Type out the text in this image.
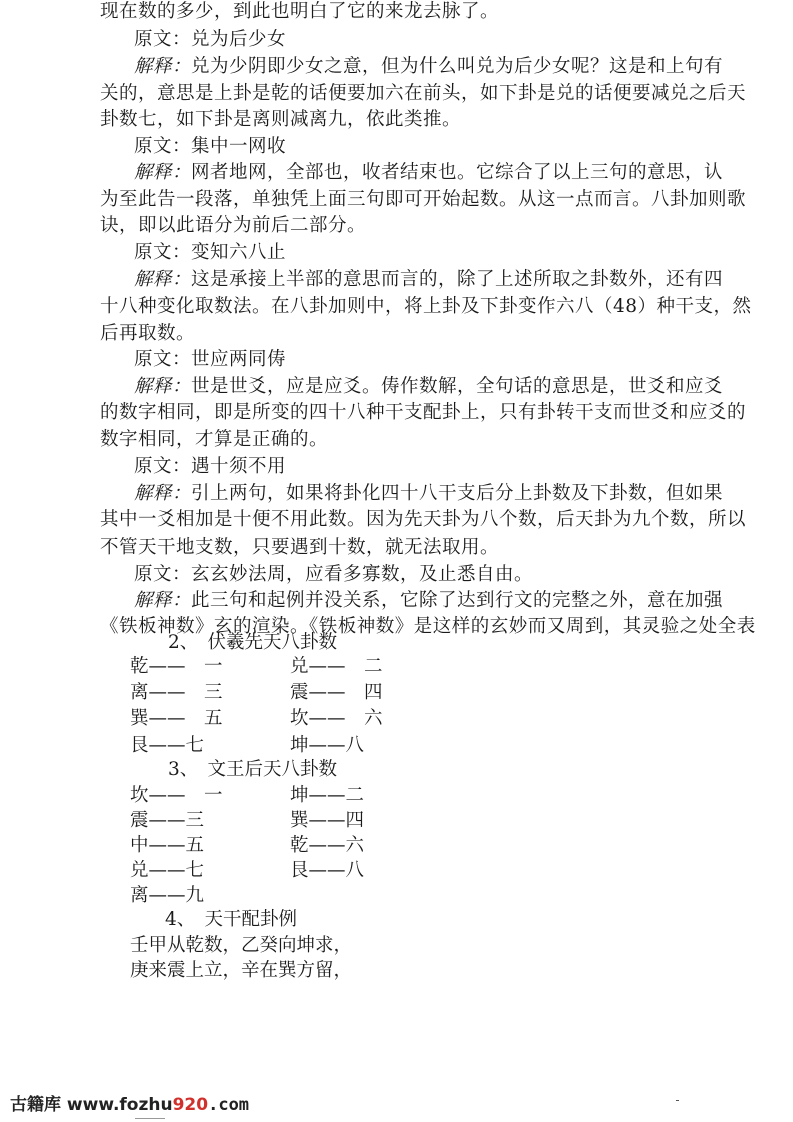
原文：兑为后少女
解释：兑为少阴即少女之意，但为什么叫兑为后少女呢？这是和上句有
关的，意思是上卦是乾的话便要加六在前头，如下卦是兑的话便要减兑之后天
卦数七，如下卦是离则减离九，依此类推。
原文：集中一网收
解释：网者地网，全部也，收者结束也。它综合了以上三句的意思，认
为至此告一段落，单独凭上面三句即可开始起数。从这一点而言。八卦加则歌
诀，即以此语分为前后二部分。
原文：变知六八止
解释：这是承接上半部的意思而言的，除了上述所取之卦数外，还有四
十八种变化取数法。在八卦加则中，将上卦及下卦变作六八（48）种干支，然
后再取数。
原文：世应两同俦
解释：世是世爻，应是应爻。俦作数解，全句话的意思是，世爻和应爻
的数字相同，即是所变的四十八种干支配卦上，只有卦转干支而世爻和应爻的
数字相同，才算是正确的。
原文：遇十须不用
解释：引上两句，如果将卦化四十八干支后分上卦数及下卦数，但如果
其中一爻相加是十便不用此数。因为先天卦为八个数，后天卦为九个数，所以
不管天干地支数，只要遇到十数，就无法取用。
原文：玄玄妙法周，应看多寡数，及止悉自由。
解释：此三句和起例并没关系，它除了达到行文的完整之外，意在加强
《铁板神数》玄的渲染。《铁板神数》是这样的玄妙而又周到，其灵验之处全表
现在数的多少，到此也明白了它的来龙去脉了。
2、　伏羲先天八卦数
乾——　一	兑——　二
离——　三	震——　四
巽——　五	坎——　六
艮——七	坤——八
3、　文王后天八卦数
坎——　一	坤——二
震——三	巽——四
中——五	乾——六
兑——七	艮——八
离——九
4、　天干配卦例
壬甲从乾数，乙癸向坤求，
庚来震上立，辛在巽方留，
古籍库 www.fozhu920.com
